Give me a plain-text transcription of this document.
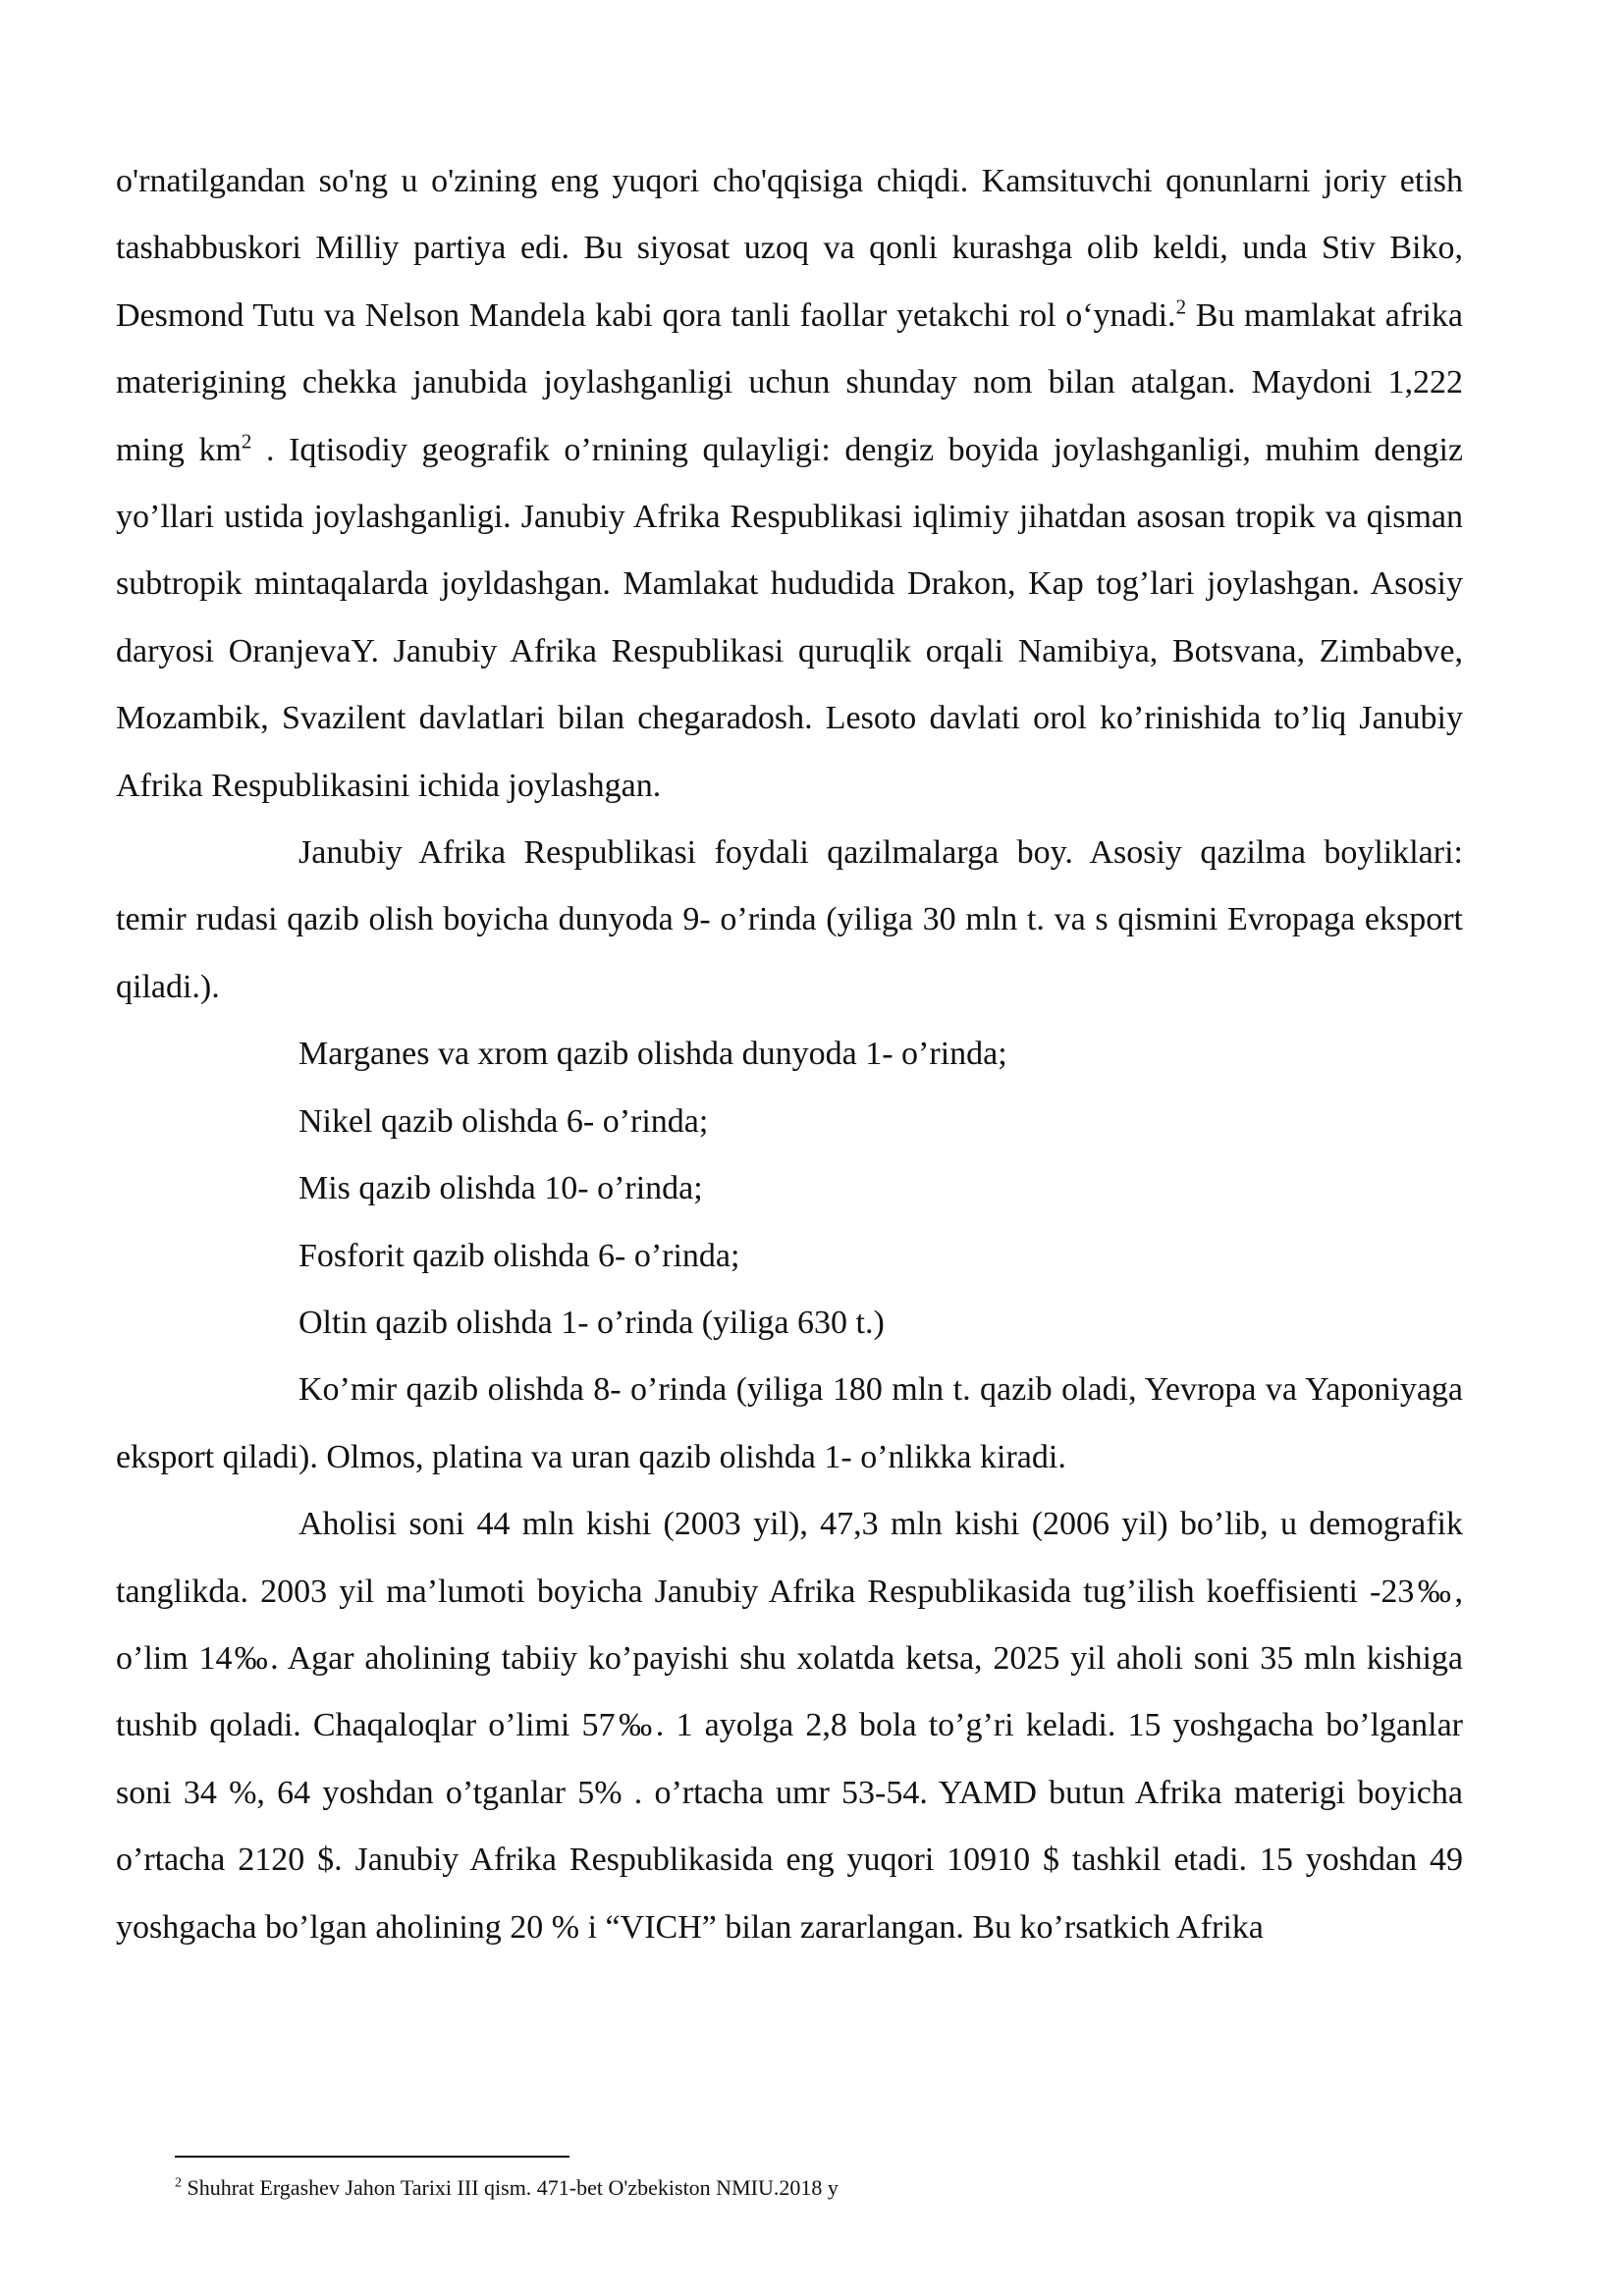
o'rnatilgandan so'ng u o'zining eng yuqori cho'qqisiga chiqdi. Kamsituvchi qonunlarni joriy etish tashabbuskori Milliy partiya edi. Bu siyosat uzoq va qonli kurashga olib keldi, unda Stiv Biko, Desmond Tutu va Nelson Mandela kabi qora tanli faollar yetakchi rol o‘ynadi.$^2$ Bu mamlakat afrika materigining chekka janubida joylashganligi uchun shunday nom bilan atalgan. Maydoni 1,222 ming $km^2$ . Iqtisodiy geografik o’rnining qulayligi: dengiz boyida joylashganligi, muhim dengiz yo’llari ustida joylashganligi. Janubiy Afrika Respublikasi iqlimiy jihatdan asosan tropik va qisman subtropik mintaqalarda joyldashgan. Mamlakat hududida Drakon, Kap tog’lari joylashgan. Asosiy daryosi OranjevaY. Janubiy Afrika Respublikasi quruqlik orqali Namibiya, Botsvana, Zimbabve, Mozambik, Svazilent davlatlari bilan chegaradosh. Lesoto davlati orol ko’rinishida to’liq Janubiy Afrika Respublikasini ichida joylashgan.

Janubiy Afrika Respublikasi foydali qazilmalarga boy. Asosiy qazilma boyliklari: temir rudasi qazib olish boyicha dunyoda 9- o’rinda (yiliga 30 mln t. va s qismini Evropaga eksport qiladi.).

Marganes va xrom qazib olishda dunyoda 1- o’rinda;

Nikel qazib olishda 6- o’rinda;

Mis qazib olishda 10- o’rinda;

Fosforit qazib olishda 6- o’rinda;

Oltin qazib olishda 1- o’rinda (yiliga 630 t.)

Ko’mir qazib olishda 8- o’rinda (yiliga 180 mln t. qazib oladi, Yevropa va Yaponiyaga eksport qiladi). Olmos, platina va uran qazib olishda 1- o’nlikka kiradi.

Aholisi soni 44 mln kishi (2003 yil), 47,3 mln kishi (2006 yil) bo’lib, u demografik tanglikda. 2003 yil ma’lumoti boyicha Janubiy Afrika Respublikasida tug’ilish koeffisienti -23‰, o’lim 14‰. Agar aholining tabiiy ko’payishi shu xolatda ketsa, 2025 yil aholi soni 35 mln kishiga tushib qoladi. Chaqaloqlar o’limi 57‰. 1 ayolga 2,8 bola to’g’ri keladi. 15 yoshgacha bo’lganlar soni 34 %, 64 yoshdan o’tganlar 5% . o’rtacha umr 53-54. YAMD butun Afrika materigi boyicha o’rtacha 2120 $. Janubiy Afrika Respublikasida eng yuqori 10910 $ tashkil etadi. 15 yoshdan 49 yoshgacha bo’lgan aholining 20 % i “VICH” bilan zararlangan. Bu ko’rsatkich Afrika

$^2$ Shuhrat Ergashev Jahon Tarixi III qism. 471-bet O'zbekiston NMIU.2018 y
